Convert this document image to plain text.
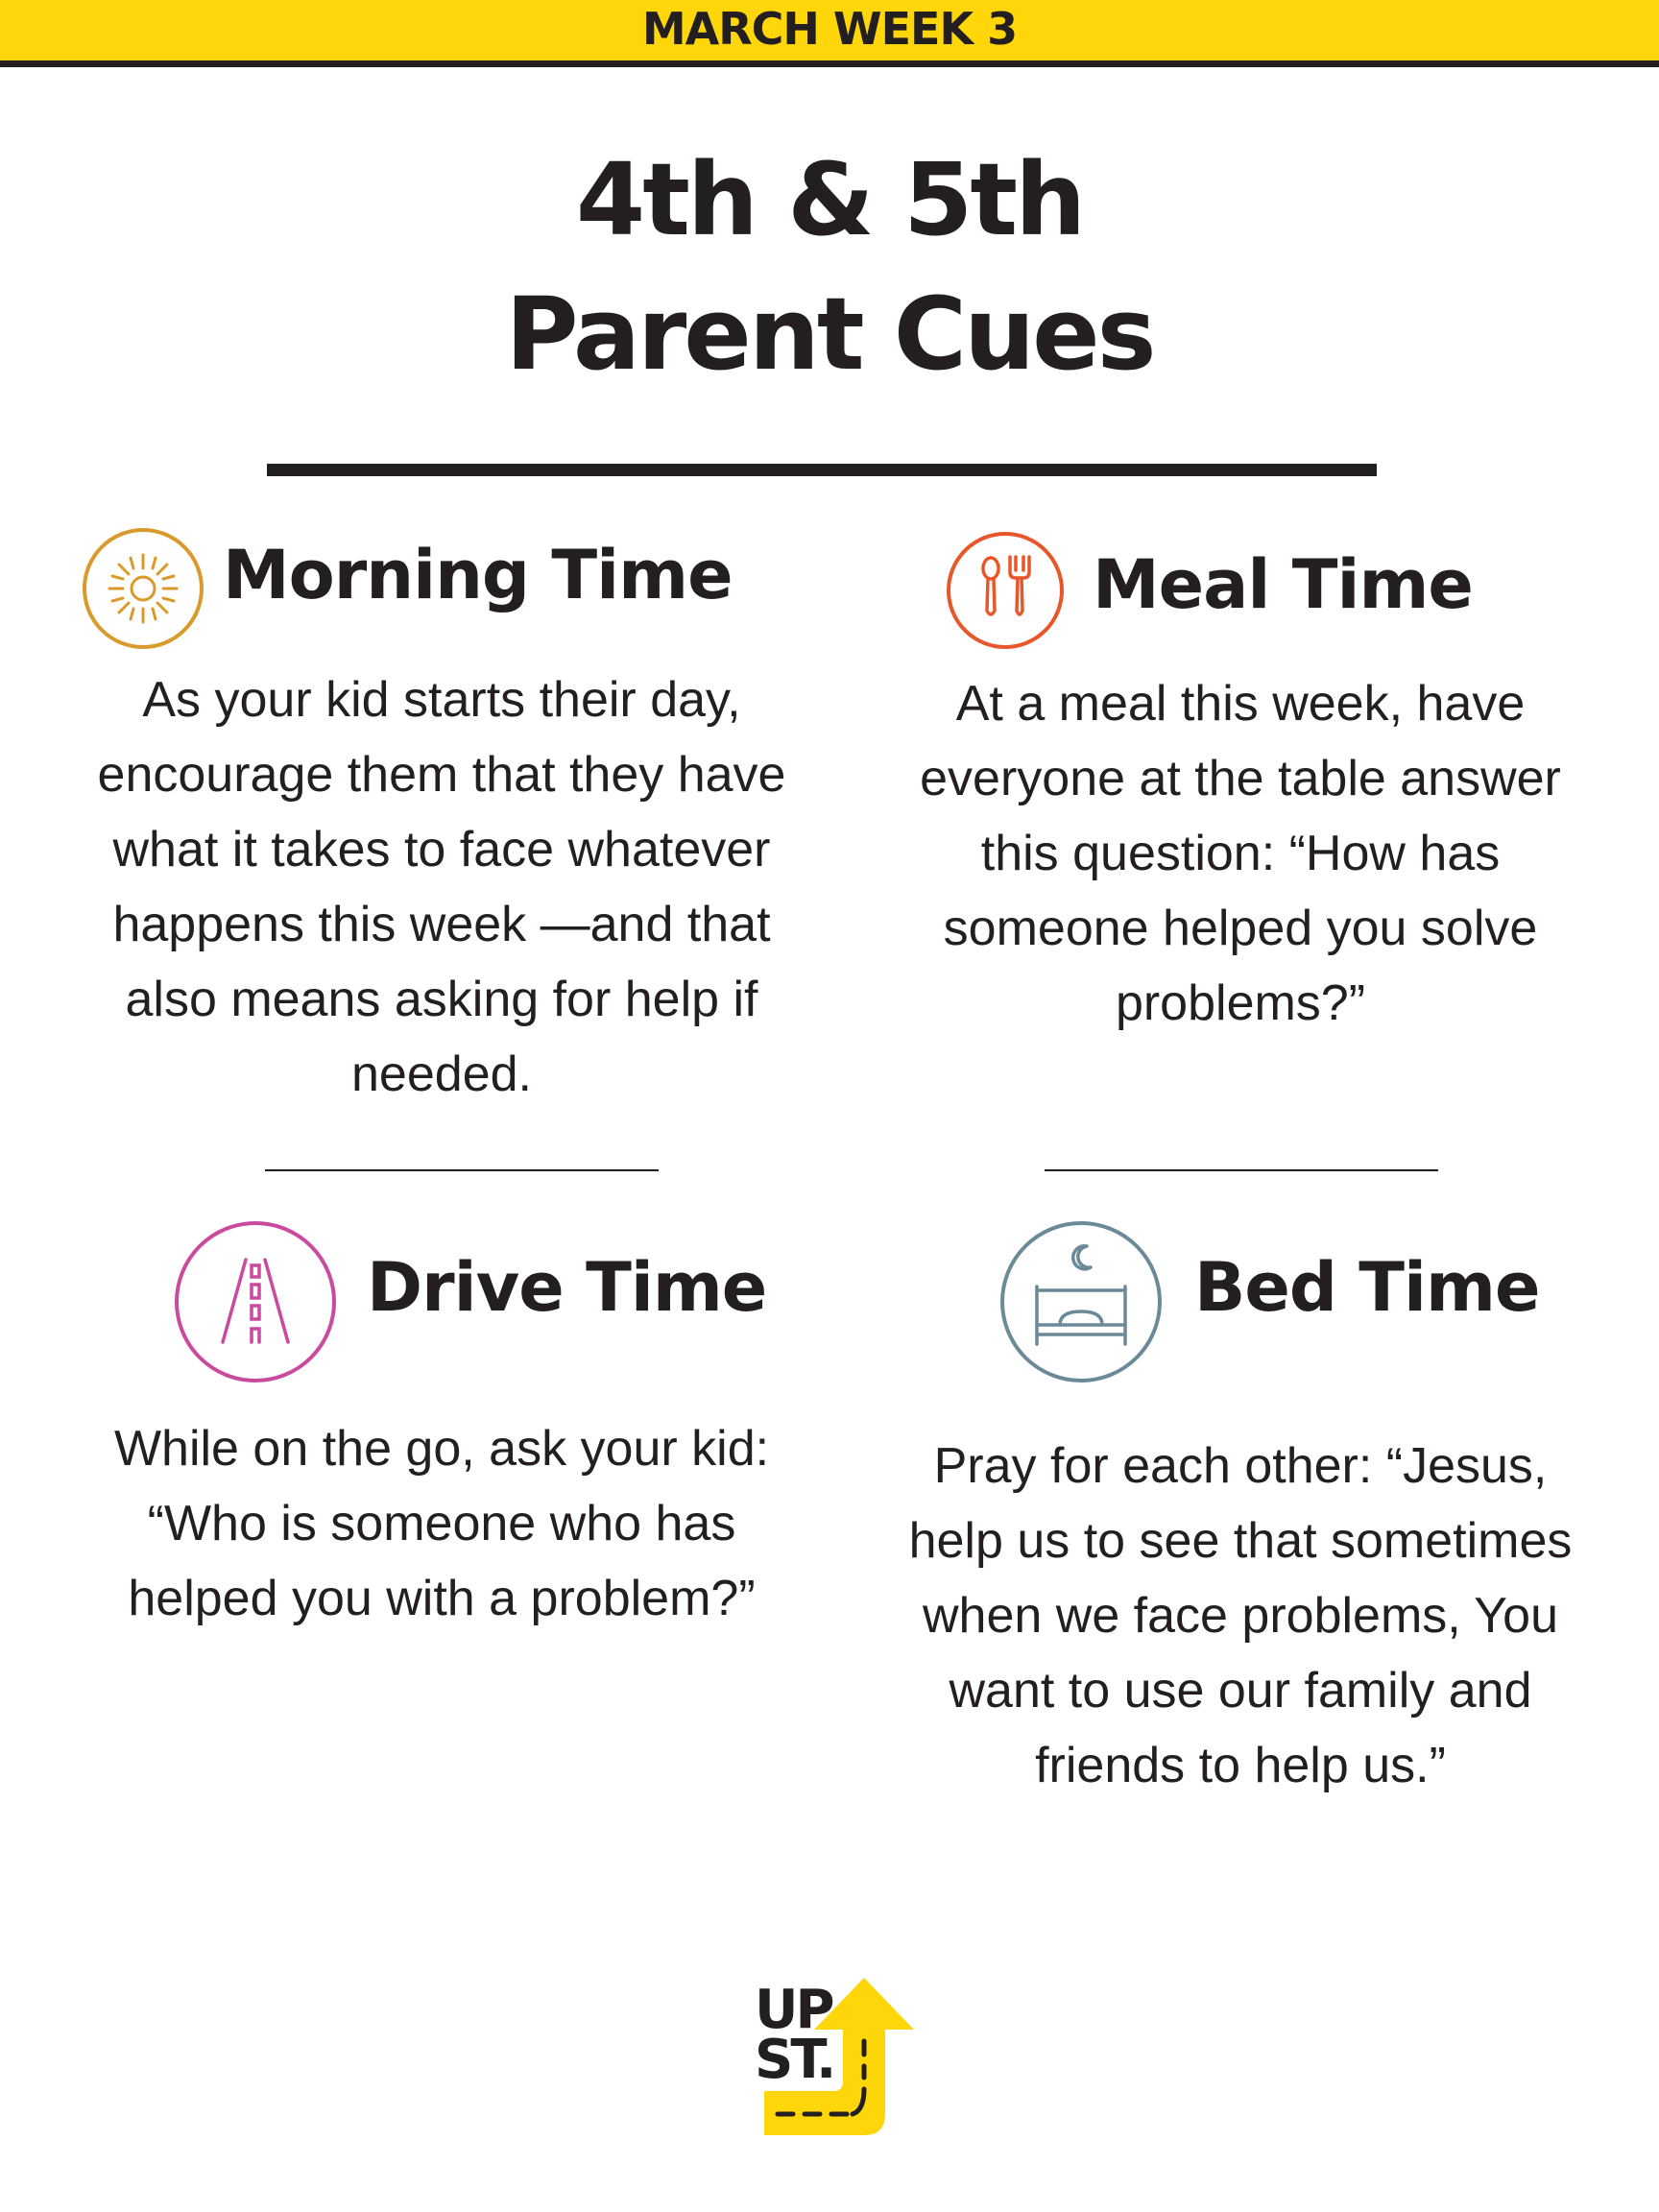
MARCH WEEK 3
4th & 5th
Parent Cues
Morning Time
As your kid starts their day, encourage them that they have what it takes to face whatever happens this week —and that also means asking for help if needed.
Meal Time
At a meal this week, have everyone at the table answer this question: “How has someone helped you solve problems?”
Drive Time
While on the go, ask your kid: “Who is someone who has helped you with a problem?”
Bed Time
Pray for each other: “Jesus, help us to see that sometimes when we face problems, You want to use our family and friends to help us.”
UP
ST.
